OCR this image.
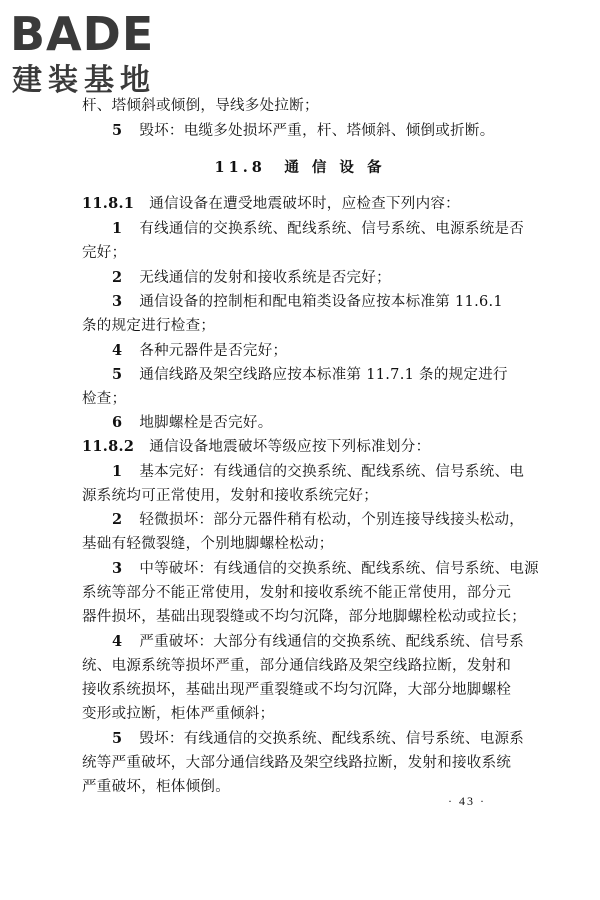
BADE
建装基地
杆、塔倾斜或倾倒，导线多处拉断；
5 毁坏：电缆多处损坏严重，杆、塔倾斜、倾倒或折断。
11.8　通 信 设 备
11.8.1 通信设备在遭受地震破坏时，应检查下列内容：
1 有线通信的交换系统、配线系统、信号系统、电源系统是否
完好；
2 无线通信的发射和接收系统是否完好；
3 通信设备的控制柜和配电箱类设备应按本标准第 11.6.1
条的规定进行检查；
4 各种元器件是否完好；
5 通信线路及架空线路应按本标准第 11.7.1 条的规定进行
检查；
6 地脚螺栓是否完好。
11.8.2 通信设备地震破坏等级应按下列标准划分：
1 基本完好：有线通信的交换系统、配线系统、信号系统、电
源系统均可正常使用，发射和接收系统完好；
2 轻微损坏：部分元器件稍有松动，个别连接导线接头松动，
基础有轻微裂缝，个别地脚螺栓松动；
3 中等破坏：有线通信的交换系统、配线系统、信号系统、电源
系统等部分不能正常使用，发射和接收系统不能正常使用，部分元
器件损坏，基础出现裂缝或不均匀沉降，部分地脚螺栓松动或拉长；
4 严重破坏：大部分有线通信的交换系统、配线系统、信号系
统、电源系统等损坏严重，部分通信线路及架空线路拉断，发射和
接收系统损坏，基础出现严重裂缝或不均匀沉降，大部分地脚螺栓
变形或拉断，柜体严重倾斜；
5 毁坏：有线通信的交换系统、配线系统、信号系统、电源系
统等严重破坏，大部分通信线路及架空线路拉断，发射和接收系统
严重破坏，柜体倾倒。
· 43 ·
